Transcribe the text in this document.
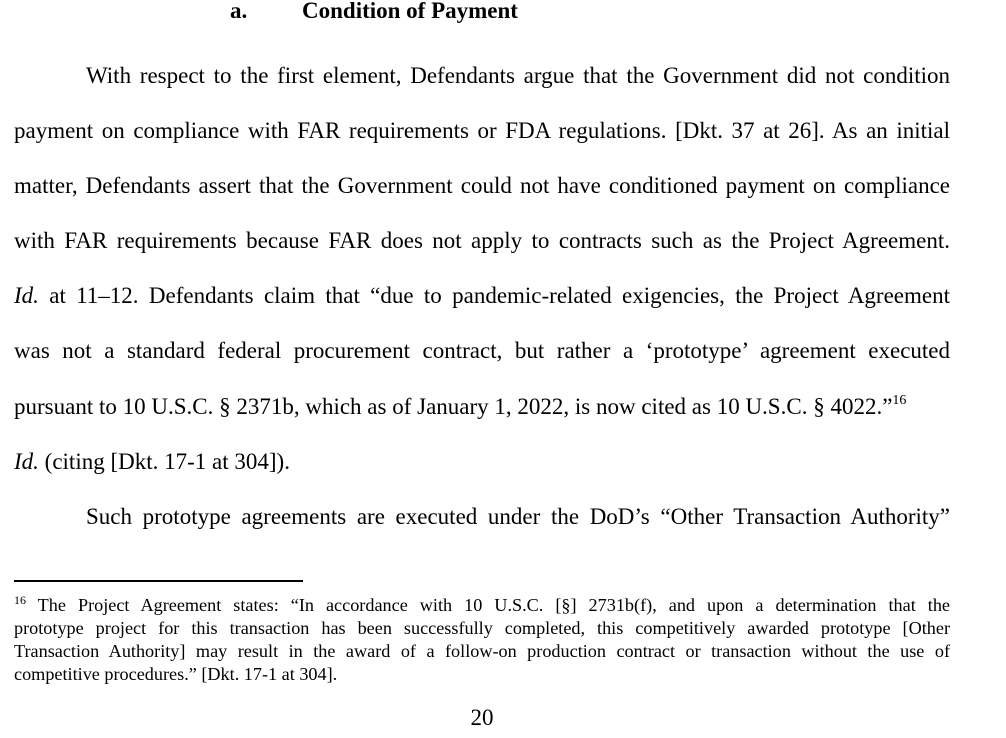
a. Condition of Payment
With respect to the first element, Defendants argue that the Government did not condition
payment on compliance with FAR requirements or FDA regulations. [Dkt. 37 at 26]. As an initial
matter, Defendants assert that the Government could not have conditioned payment on compliance
with FAR requirements because FAR does not apply to contracts such as the Project Agreement.
Id. at 11–12. Defendants claim that “due to pandemic-related exigencies, the Project Agreement
was not a standard federal procurement contract, but rather a ‘prototype’ agreement executed
pursuant to 10 U.S.C. § 2371b, which as of January 1, 2022, is now cited as 10 U.S.C. § 4022.”$^{16}$
Id. (citing [Dkt. 17-1 at 304]).
Such prototype agreements are executed under the DoD’s “Other Transaction Authority”
$^{16}$ The Project Agreement states: “In accordance with 10 U.S.C. [§] 2731b(f), and upon a determination that the
prototype project for this transaction has been successfully completed, this competitively awarded prototype [Other
Transaction Authority] may result in the award of a follow-on production contract or transaction without the use of
competitive procedures.” [Dkt. 17-1 at 304].
20
